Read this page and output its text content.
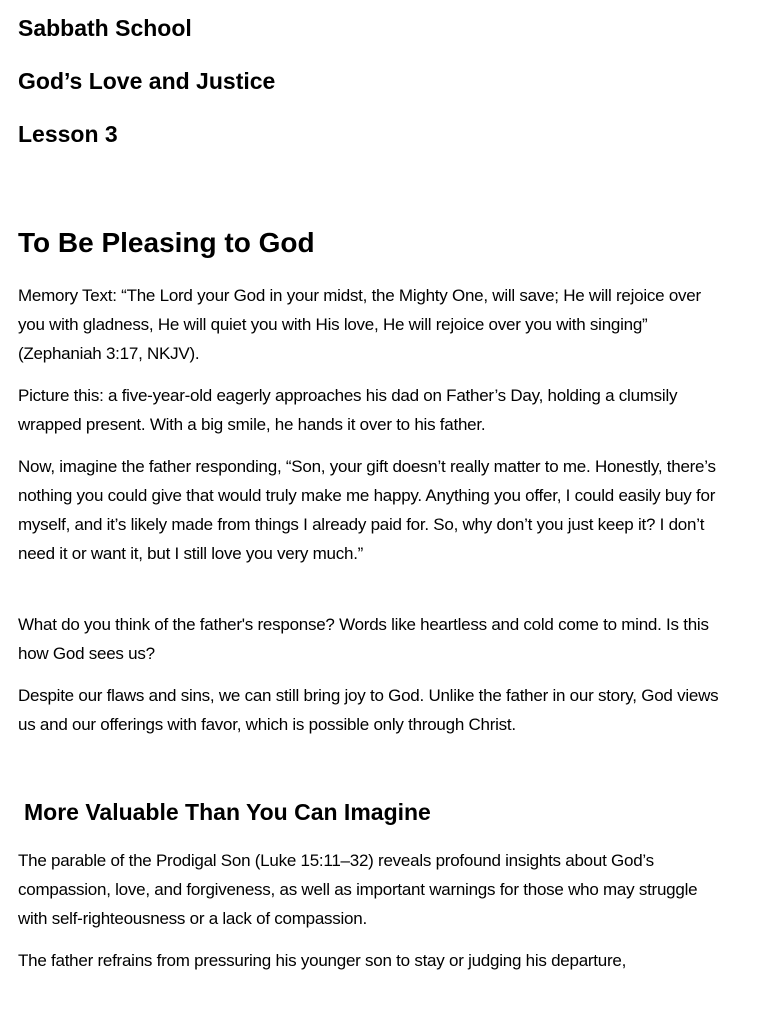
Sabbath School

God’s Love and Justice

Lesson 3

To Be Pleasing to God

Memory Text: “The Lord your God in your midst, the Mighty One, will save; He will rejoice over you with gladness, He will quiet you with His love, He will rejoice over you with singing” (Zephaniah 3:17, NKJV).

Picture this: a five-year-old eagerly approaches his dad on Father’s Day, holding a clumsily wrapped present. With a big smile, he hands it over to his father.

Now, imagine the father responding, “Son, your gift doesn’t really matter to me. Honestly, there’s nothing you could give that would truly make me happy. Anything you offer, I could easily buy for myself, and it’s likely made from things I already paid for. So, why don’t you just keep it? I don’t need it or want it, but I still love you very much.”

What do you think of the father's response? Words like heartless and cold come to mind. Is this how God sees us?

Despite our flaws and sins, we can still bring joy to God. Unlike the father in our story, God views us and our offerings with favor, which is possible only through Christ.

More Valuable Than You Can Imagine

The parable of the Prodigal Son (Luke 15:11–32) reveals profound insights about God’s compassion, love, and forgiveness, as well as important warnings for those who may struggle with self-righteousness or a lack of compassion.

The father refrains from pressuring his younger son to stay or judging his departure,
